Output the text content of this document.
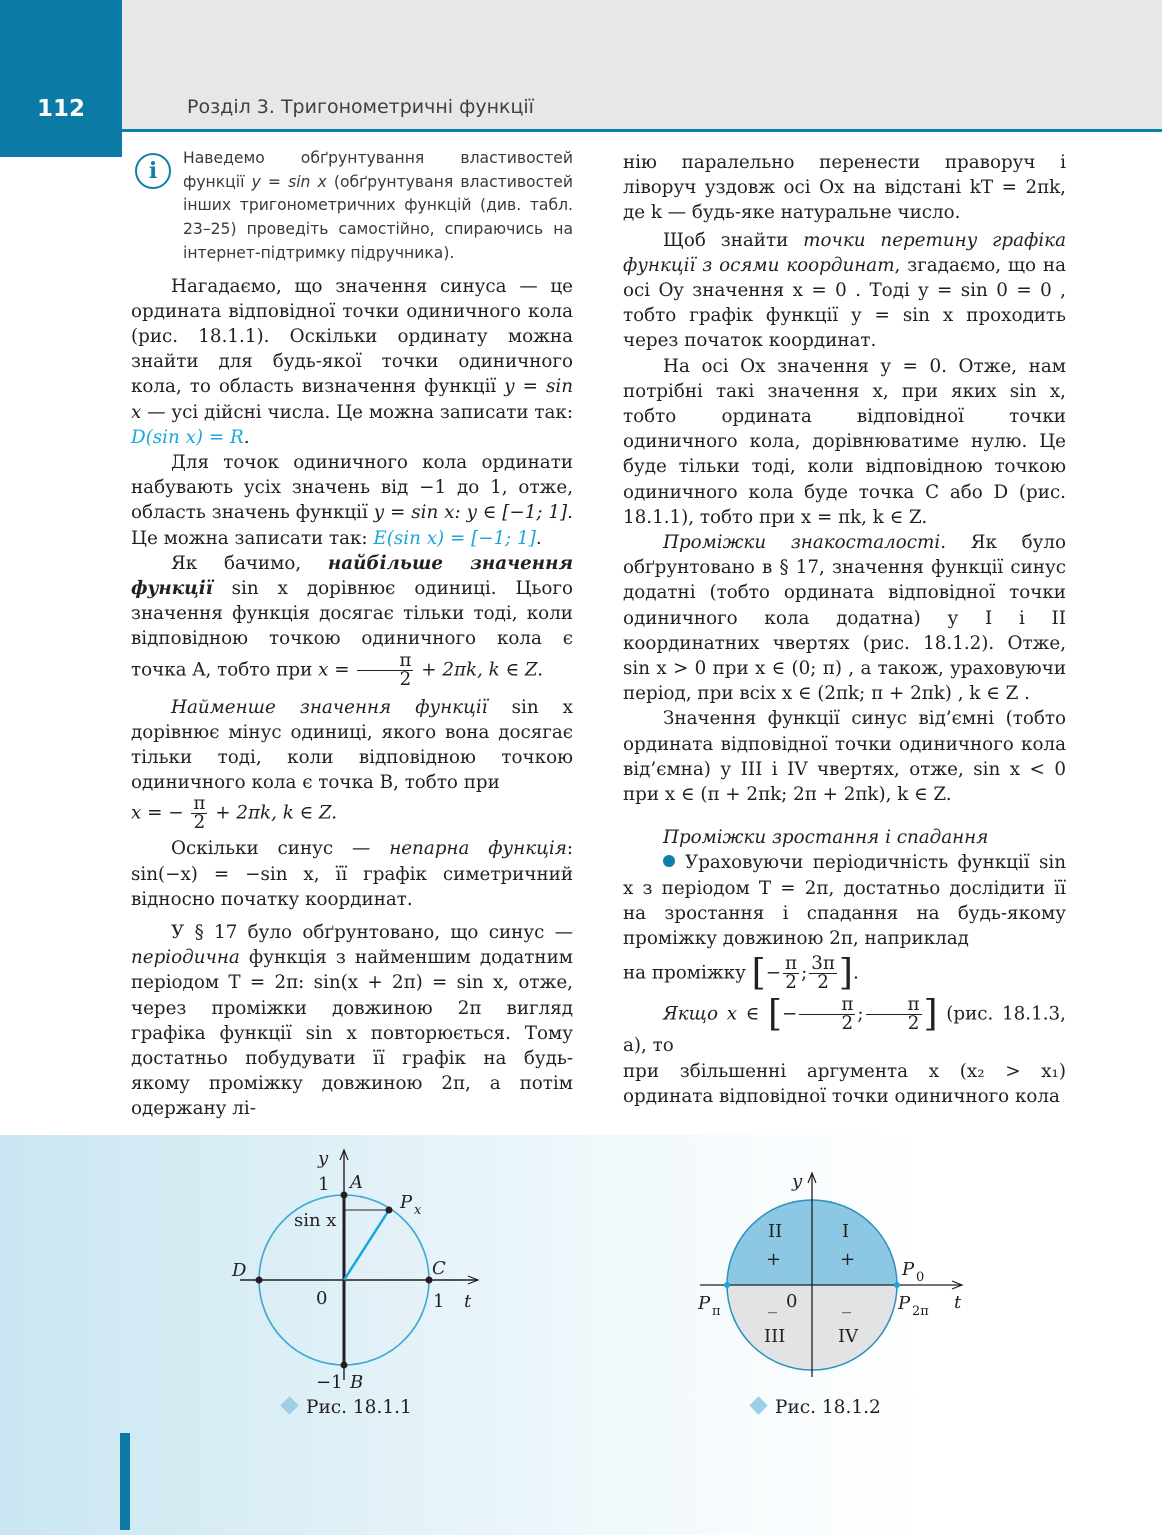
112	Розділ 3. Тригонометричні функції
i	Наведемо обґрунтування властивостей функції y = sin x (обґрунтуваня властивостей інших тригонометричних функцій (див. табл. 23–25) проведіть самостійно, спираючись на інтернет-підтримку підручника).

Нагадаємо, що значення синуса — це ордината відповідної точки одиничного кола (рис. 18.1.1). Оскільки ординату можна знайти для будь-якої точки одиничного кола, то область визначення функції y = sin x — усі дійсні числа. Це можна записати так: D(sin x) = R.

Для точок одиничного кола ординати набувають усіх значень від −1 до 1, отже, область значень функції y = sin x: y ∈ [−1; 1]. Це можна записати так: E(sin x) = [−1; 1].

Як бачимо, найбільше значення функції sin x дорівнює одиниці. Цього значення функція досягає тільки тоді, коли відповідною точкою одиничного кола є точка A, тобто при $x = \frac{\pi}{2} + 2\pi k$, k ∈ Z.

Найменше значення функції sin x дорівнює мінус одиниці, якого вона досягає тільки тоді, коли відповідною точкою одиничного кола є точка B, тобто при

x = − $\frac{\pi}{2} + 2\pi k$, k ∈ Z.

Оскільки синус — непарна функція: sin(−x) = −sin x, її графік симетричний відносно початку координат.

У § 17 було обґрунтовано, що синус — періодична функція з найменшим додатним періодом T = 2π: sin(x + 2π) = sin x, отже, через проміжки довжиною 2π вигляд графіка функції sin x повторюється. Тому достатньо побудувати її графік на будь-якому проміжку довжиною 2π, а потім одержану лі-

нію паралельно перенести праворуч і ліворуч уздовж осі Ox на відстані kT = 2πk, де k — будь-яке натуральне число.

Щоб знайти точки перетину графіка функції з осями координат, згадаємо, що на осі Oy значення x = 0 . Тоді y = sin 0 = 0 , тобто графік функції y = sin x проходить через початок координат.

На осі Ox значення y = 0. Отже, нам потрібні такі значення x, при яких sin x, тобто ордината відповідної точки одиничного кола, дорівнюватиме нулю. Це буде тільки тоді, коли відповідною точкою одиничного кола буде точка C або D (рис. 18.1.1), тобто при x = πk, k ∈ Z.

Проміжки знакосталості. Як було обґрунтовано в § 17, значення функції синус додатні (тобто ордината відповідної точки одиничного кола додатна) у I і II координатних чвертях (рис. 18.1.2). Отже, sin x > 0 при x ∈ (0; π) , а також, ураховуючи період, при всіх x ∈ (2πk; π + 2πk) , k ∈ Z .

Значення функції синус від’ємні (тобто ордината відповідної точки одиничного кола від’ємна) у III і IV чвертях, отже, sin x < 0 при x ∈ (π + 2πk; 2π + 2πk), k ∈ Z.

Проміжки зростання і спадання

Ураховуючи періодичність функції sin x з періодом T = 2π, достатньо дослідити її на зростання і спадання на будь-якому проміжку довжиною 2π, наприклад

на проміжку [− $\frac{\pi}{2}$ ; $\frac{3\pi}{2}$ ].

Якщо x ∈ [− $\frac{\pi}{2}$ ; $\frac{\pi}{2}$ ] (рис. 18.1.3, a), то

при збільшенні аргумента x (x₂ > x₁) ордината відповідної точки одиничного кола

y
1 A
P x
sin x
D	C
0	1 t
−1 B
Рис. 18.1.1
y
II	I
+	+	P 0
P π	P 2π t
_ 0 _
III	IV
Рис. 18.1.2
